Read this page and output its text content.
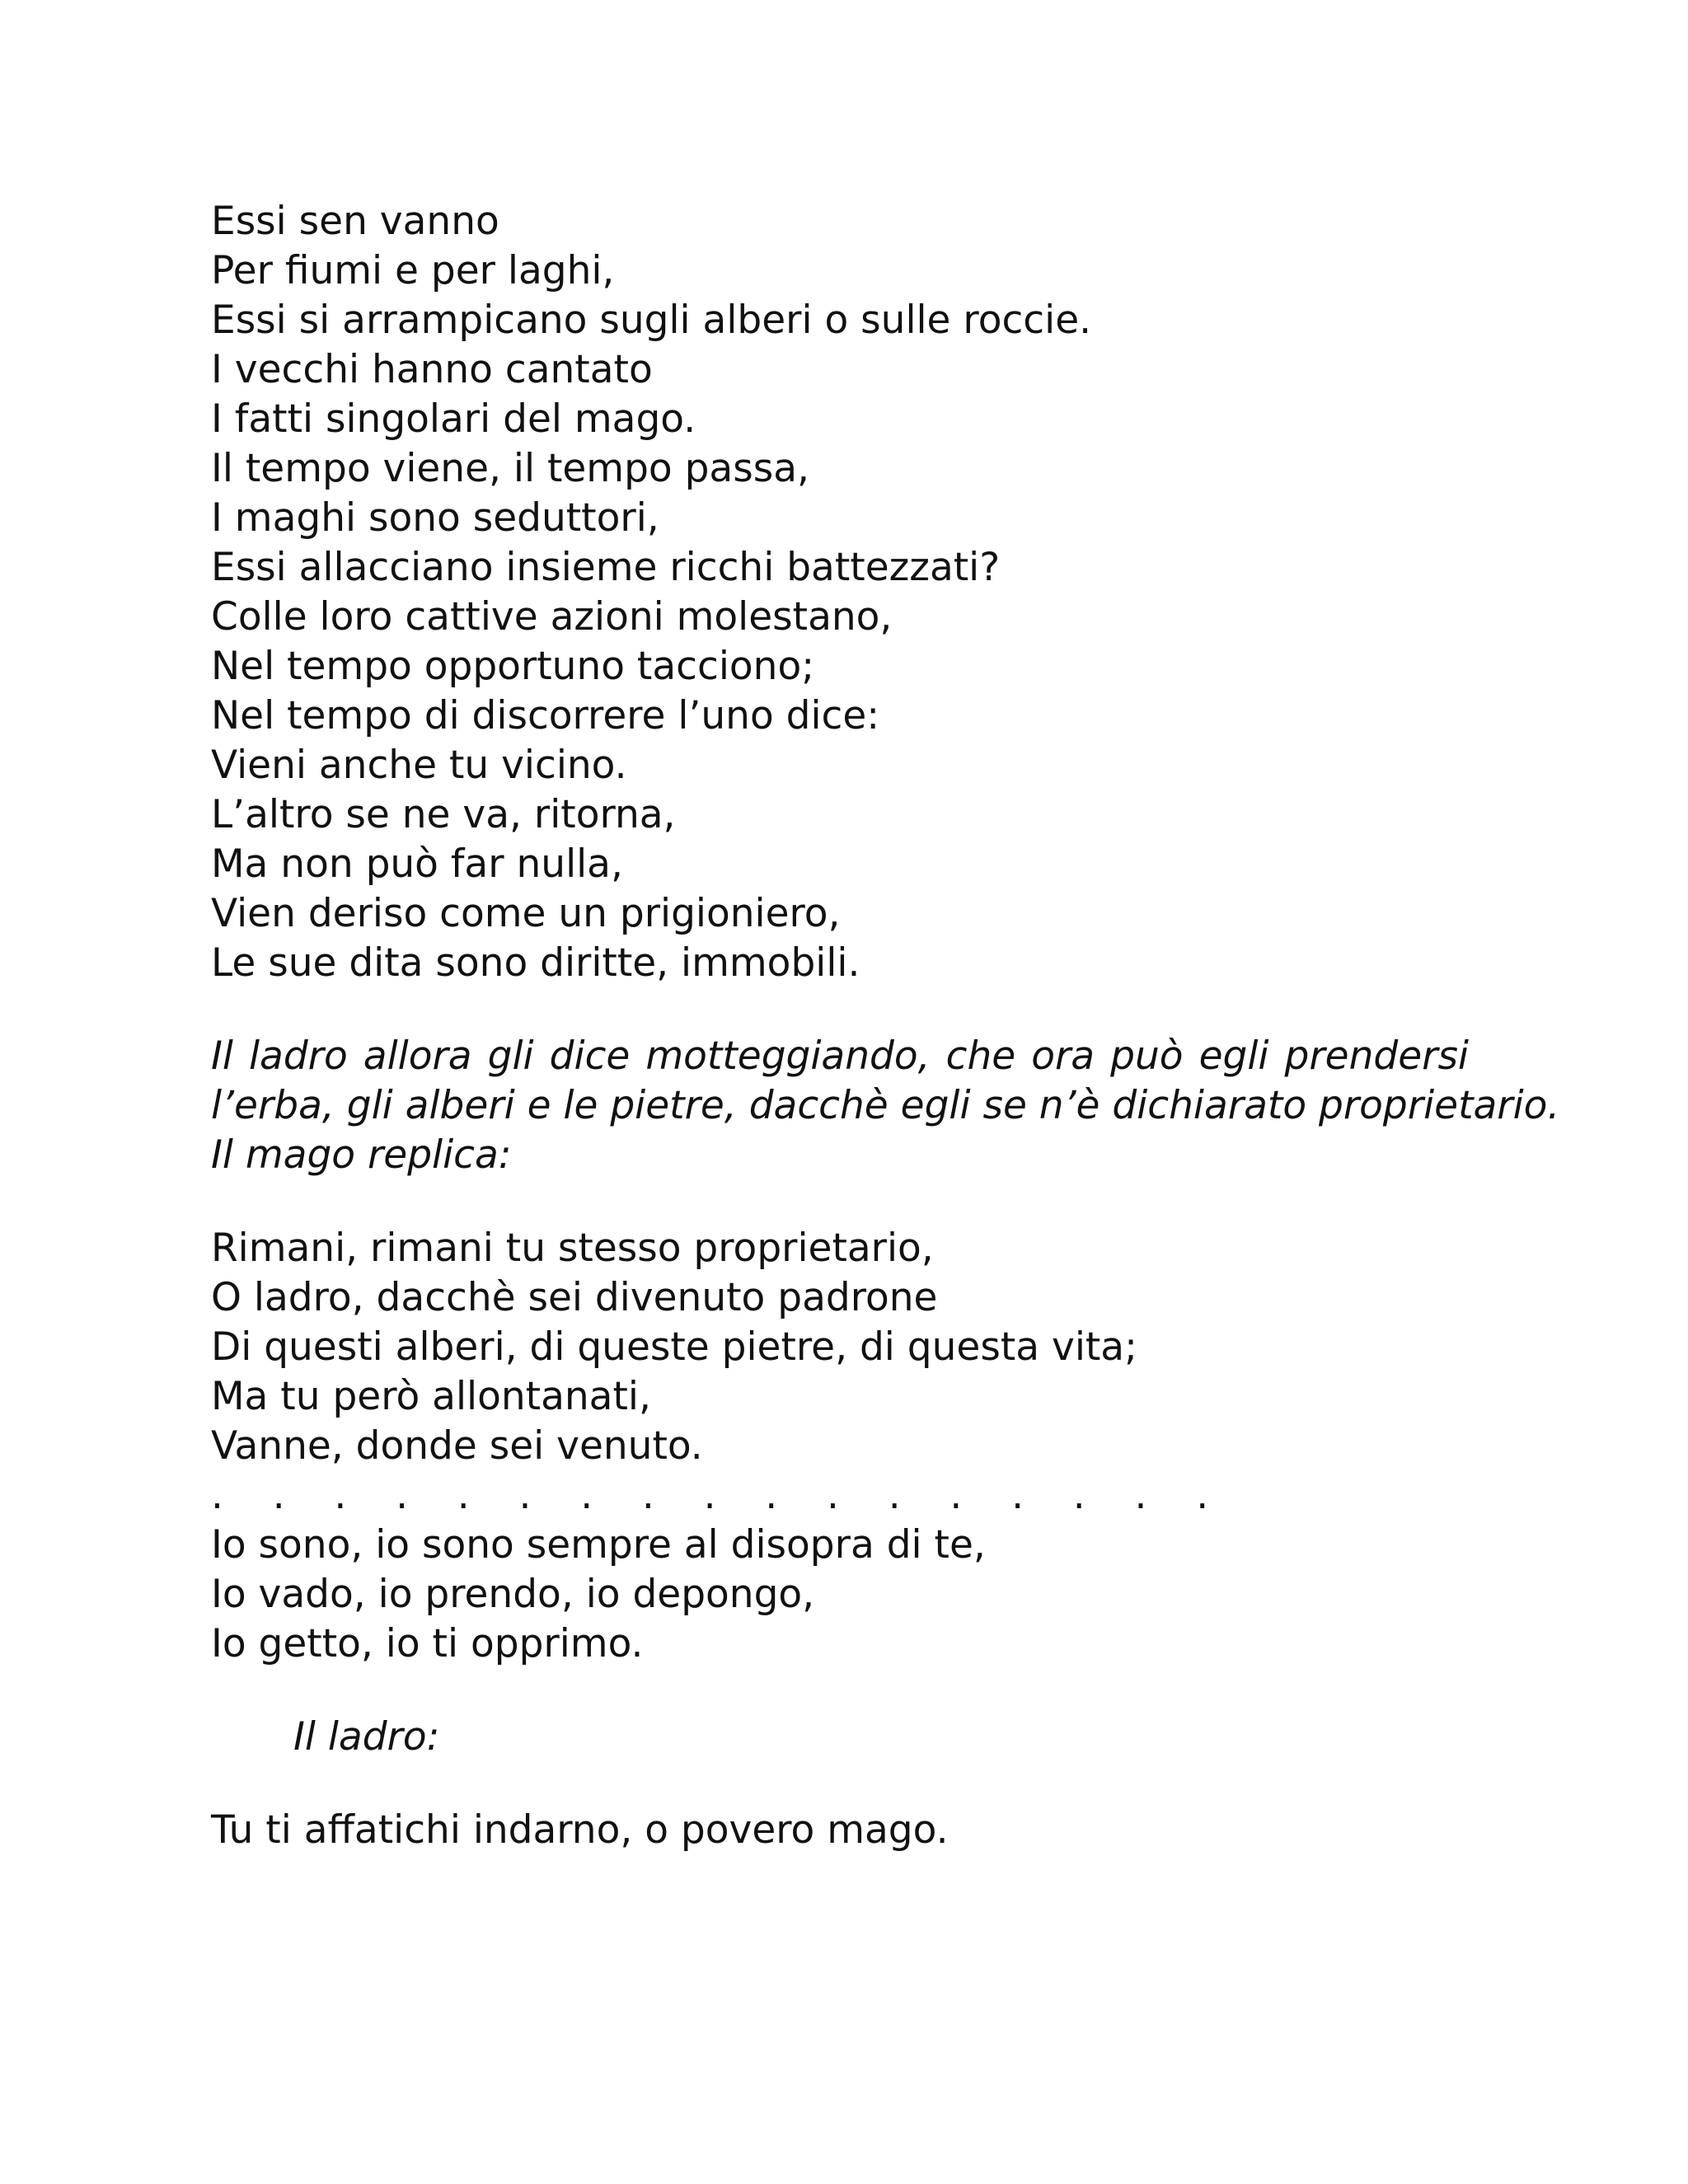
Essi sen vanno
Per fiumi e per laghi,
Essi si arrampicano sugli alberi o sulle roccie.
I vecchi hanno cantato
I fatti singolari del mago.
Il tempo viene, il tempo passa,
I maghi sono seduttori,
Essi allacciano insieme ricchi battezzati?
Colle loro cattive azioni molestano,
Nel tempo opportuno tacciono;
Nel tempo di discorrere l’uno dice:
Vieni anche tu vicino.
L’altro se ne va, ritorna,
Ma non può far nulla,
Vien deriso come un prigioniero,
Le sue dita sono diritte, immobili.
Il ladro allora gli dice motteggiando, che ora può egli prendersi
l’erba, gli alberi e le pietre, dacchè egli se n’è dichiarato proprietario.
Il mago replica:
Rimani, rimani tu stesso proprietario,
O ladro, dacchè sei divenuto padrone
Di questi alberi, di queste pietre, di questa vita;
Ma tu però allontanati,
Vanne, donde sei venuto.
.    .    .    .    .    .    .    .    .    .    .    .    .    .    .    .    .
Io sono, io sono sempre al disopra di te,
Io vado, io prendo, io depongo,
Io getto, io ti opprimo.
Il ladro:
Tu ti affatichi indarno, o povero mago.
